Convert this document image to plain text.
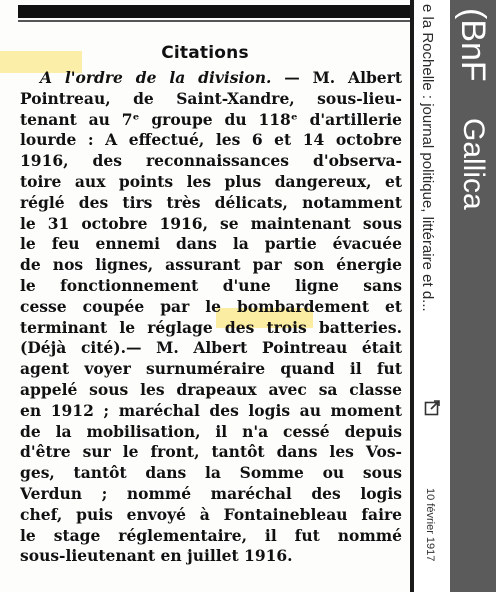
Citations
A l'ordre de la division. — M. Albert
Pointreau, de Saint-Xandre, sous-lieu-
tenant au 7ᵉ groupe du 118ᵉ d'artillerie
lourde : A effectué, les 6 et 14 octobre
1916, des reconnaissances d'observa-
toire aux points les plus dangereux, et
réglé des tirs très délicats, notamment
le 31 octobre 1916, se maintenant sous
le feu ennemi dans la partie évacuée
de nos lignes, assurant par son énergie
le fonctionnement d'une ligne sans
cesse coupée par le bombardement et
terminant le réglage des trois batteries.
(Déjà cité).— M. Albert Pointreau était
agent voyer surnuméraire quand il fut
appelé sous les drapeaux avec sa classe
en 1912 ; maréchal des logis au moment
de la mobilisation, il n'a cessé depuis
d'être sur le front, tantôt dans les Vos-
ges, tantôt dans la Somme ou sous
Verdun ; nommé maréchal des logis
chef, puis envoyé à Fontainebleau faire
le stage réglementaire, il fut nommé
sous-lieutenant en juillet 1916.
e la Rochelle : journal politique, littéraire et d...
10 février 1917
(BnF
Gallica
